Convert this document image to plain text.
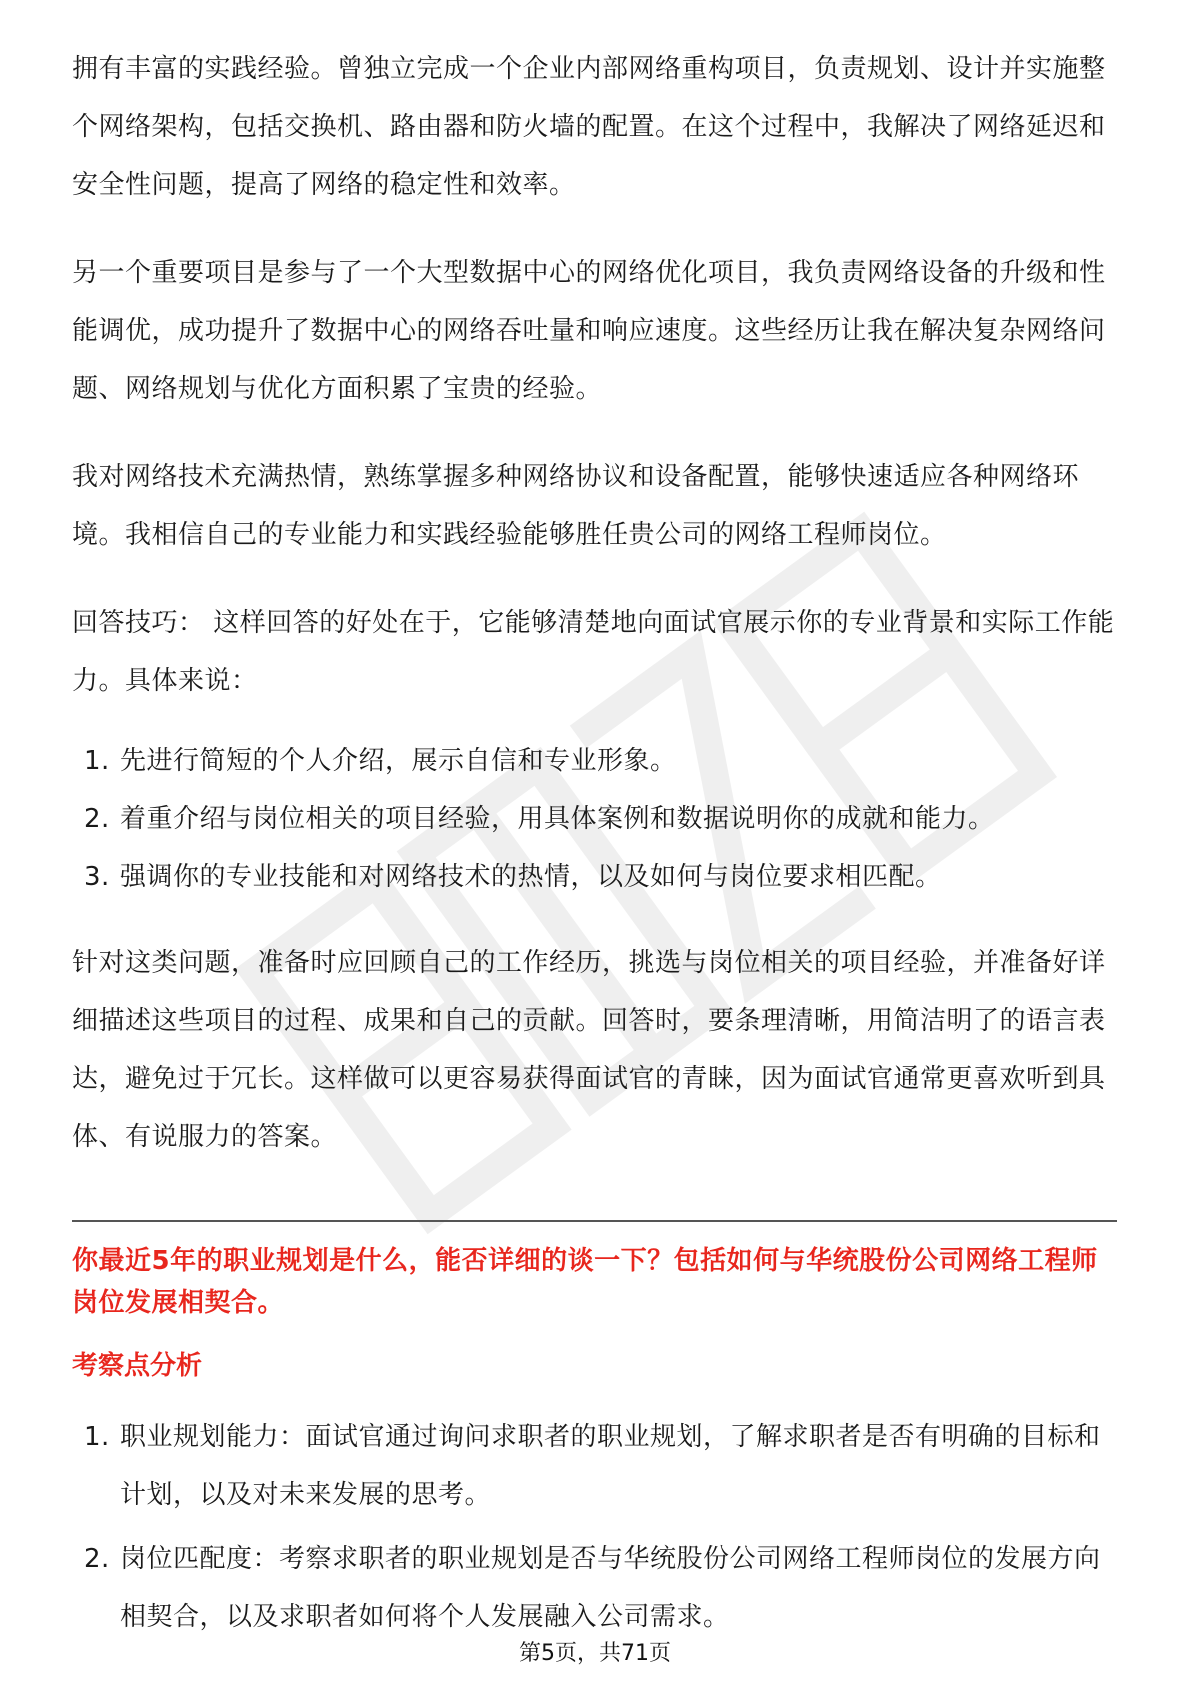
拥有丰富的实践经验。曾独立完成一个企业内部网络重构项目，负责规划、设计并实施整个网络架构，包括交换机、路由器和防火墙的配置。在这个过程中，我解决了网络延迟和安全性问题，提高了网络的稳定性和效率。

另一个重要项目是参与了一个大型数据中心的网络优化项目，我负责网络设备的升级和性能调优，成功提升了数据中心的网络吞吐量和响应速度。这些经历让我在解决复杂网络问题、网络规划与优化方面积累了宝贵的经验。

我对网络技术充满热情，熟练掌握多种网络协议和设备配置，能够快速适应各种网络环境。我相信自己的专业能力和实践经验能够胜任贵公司的网络工程师岗位。

回答技巧： 这样回答的好处在于，它能够清楚地向面试官展示你的专业背景和实际工作能力。具体来说：

1. 先进行简短的个人介绍，展示自信和专业形象。
2. 着重介绍与岗位相关的项目经验，用具体案例和数据说明你的成就和能力。
3. 强调你的专业技能和对网络技术的热情，以及如何与岗位要求相匹配。

针对这类问题，准备时应回顾自己的工作经历，挑选与岗位相关的项目经验，并准备好详细描述这些项目的过程、成果和自己的贡献。回答时，要条理清晰，用简洁明了的语言表达，避免过于冗长。这样做可以更容易获得面试官的青睐，因为面试官通常更喜欢听到具体、有说服力的答案。

你最近5年的职业规划是什么，能否详细的谈一下？包括如何与华统股份公司网络工程师岗位发展相契合。

考察点分析

1. 职业规划能力：面试官通过询问求职者的职业规划，了解求职者是否有明确的目标和计划，以及对未来发展的思考。
2. 岗位匹配度：考察求职者的职业规划是否与华统股份公司网络工程师岗位的发展方向相契合，以及求职者如何将个人发展融入公司需求。
第5页，共71页
